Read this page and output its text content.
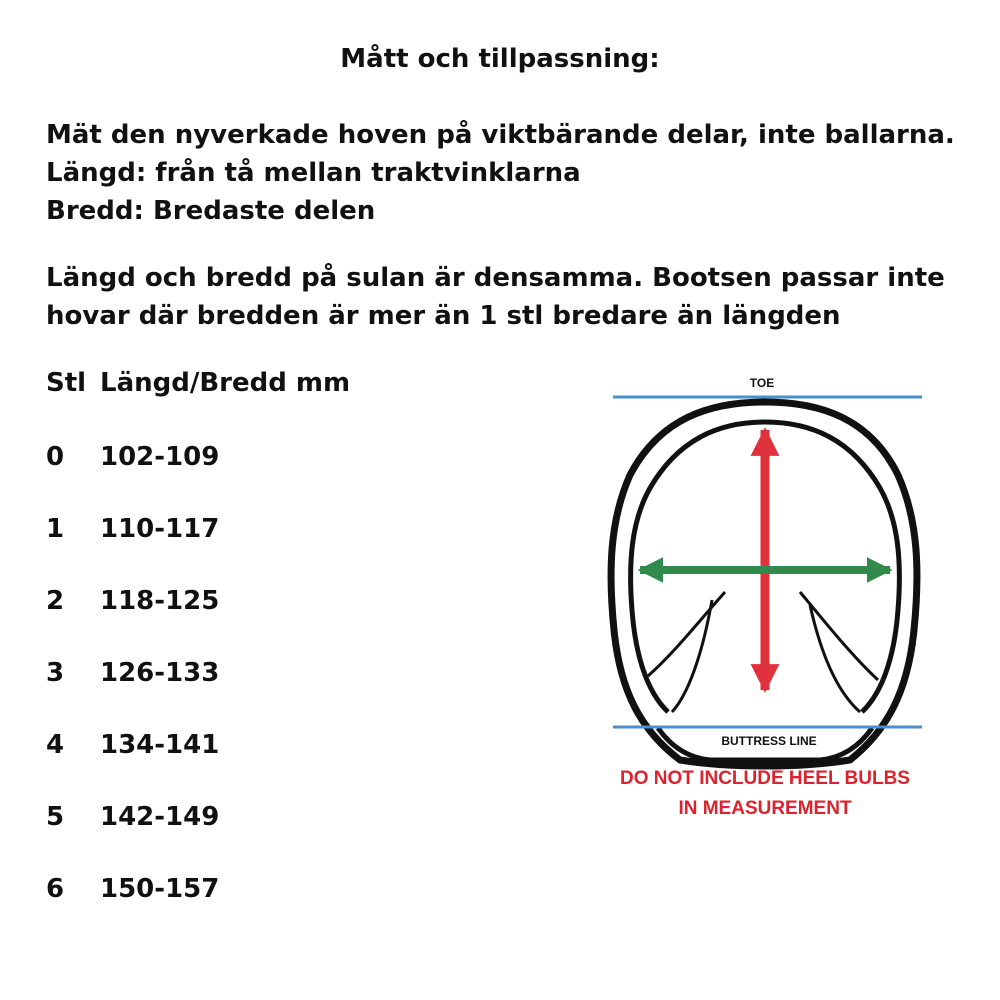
Mått och tillpassning:
Mät den nyverkade hoven på viktbärande delar, inte ballarna.
Längd: från tå mellan traktvinklarna
Bredd: Bredaste delen
Längd och bredd på sulan är densamma. Bootsen passar inte
hovar där bredden är mer än 1 stl bredare än längden
Stl Längd/Bredd mm
0 102-109
1 110-117
2 118-125
3 126-133
4 134-141
5 142-149
6 150-157
TOE
BUTTRESS LINE
DO NOT INCLUDE HEEL BULBS
IN MEASUREMENT
